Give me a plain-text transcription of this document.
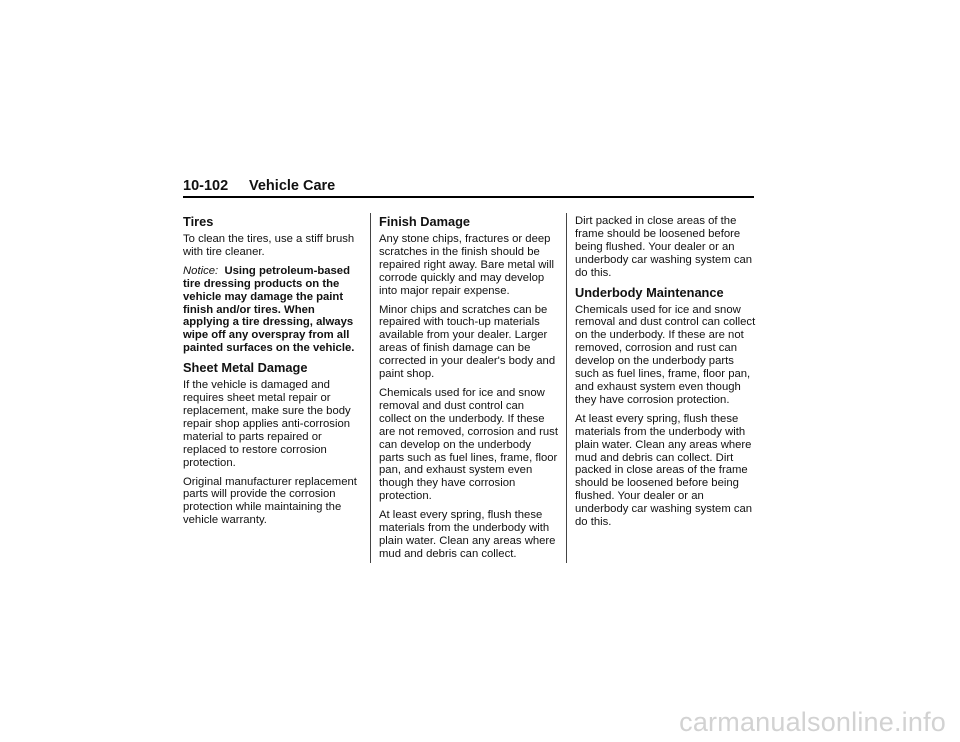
10-102 Vehicle Care
Tires

To clean the tires, use a stiff brush with tire cleaner.

Notice: Using petroleum-based tire dressing products on the vehicle may damage the paint finish and/or tires. When applying a tire dressing, always wipe off any overspray from all painted surfaces on the vehicle.

Sheet Metal Damage

If the vehicle is damaged and requires sheet metal repair or replacement, make sure the body repair shop applies anti-corrosion material to parts repaired or replaced to restore corrosion protection.

Original manufacturer replacement parts will provide the corrosion protection while maintaining the vehicle warranty.

Finish Damage

Any stone chips, fractures or deep scratches in the finish should be repaired right away. Bare metal will corrode quickly and may develop into major repair expense.

Minor chips and scratches can be repaired with touch-up materials available from your dealer. Larger areas of finish damage can be corrected in your dealer's body and paint shop.

Chemicals used for ice and snow removal and dust control can collect on the underbody. If these are not removed, corrosion and rust can develop on the underbody parts such as fuel lines, frame, floor pan, and exhaust system even though they have corrosion protection.

At least every spring, flush these materials from the underbody with plain water. Clean any areas where mud and debris can collect.

Dirt packed in close areas of the frame should be loosened before being flushed. Your dealer or an underbody car washing system can do this.

Underbody Maintenance

Chemicals used for ice and snow removal and dust control can collect on the underbody. If these are not removed, corrosion and rust can develop on the underbody parts such as fuel lines, frame, floor pan, and exhaust system even though they have corrosion protection.

At least every spring, flush these materials from the underbody with plain water. Clean any areas where mud and debris can collect. Dirt packed in close areas of the frame should be loosened before being flushed. Your dealer or an underbody car washing system can do this.

carmanualsonline.info
